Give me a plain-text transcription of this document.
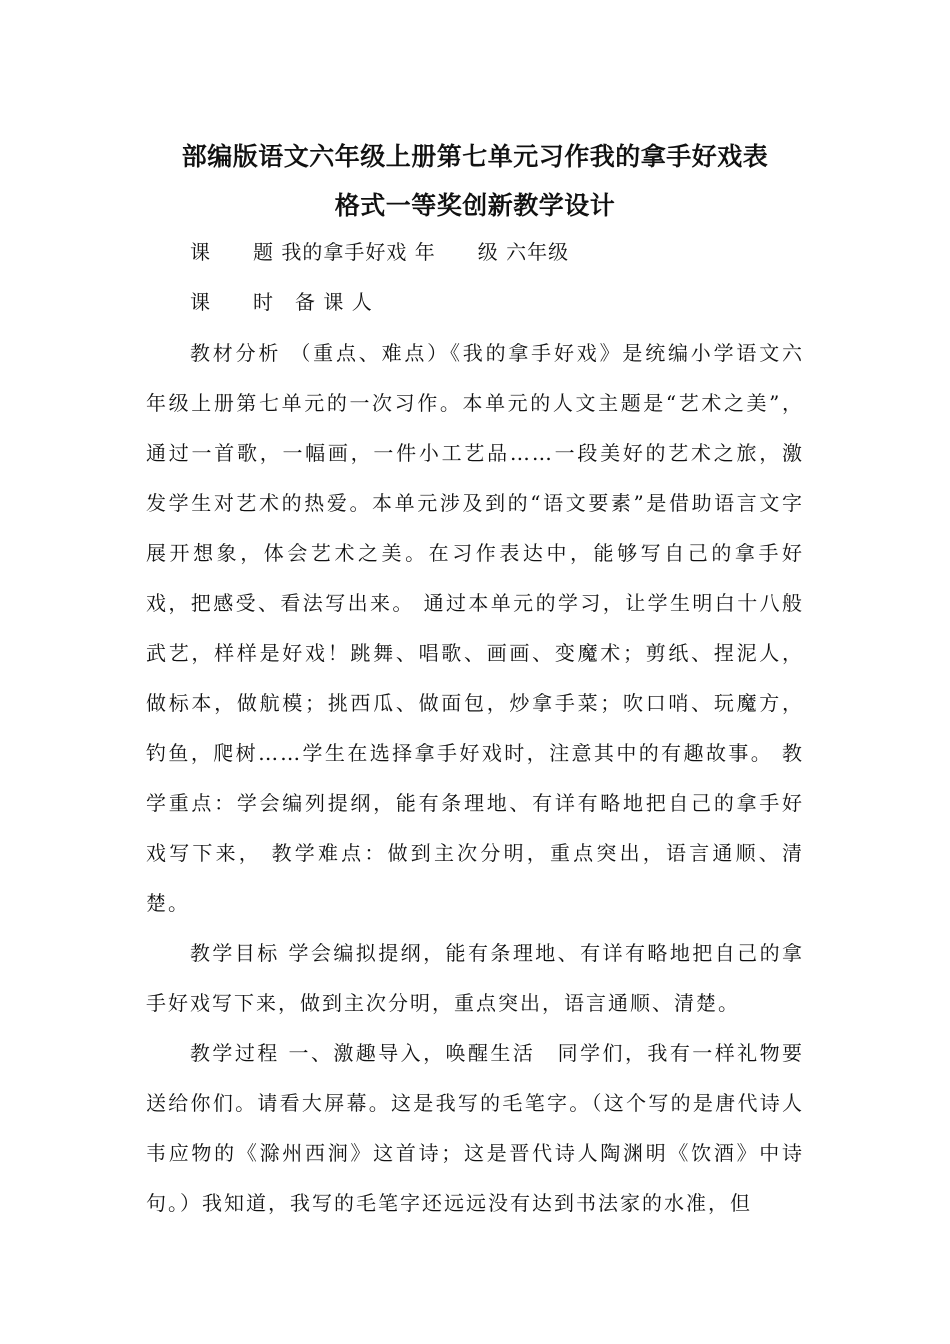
部编版语文六年级上册第七单元习作我的拿手好戏表
格式一等奖创新教学设计
课　　题 我的拿手好戏 年　　级 六年级
课　　时　备 课 人
教材分析 （重点、难点）《我的拿手好戏》是统编小学语文六年级上册第七单元的一次习作。本单元的人文主题是“艺术之美”，通过一首歌，一幅画，一件小工艺品……一段美好的艺术之旅，激发学生对艺术的热爱。本单元涉及到的“语文要素”是借助语言文字展开想象，体会艺术之美。在习作表达中，能够写自己的拿手好戏，把感受、看法写出来。 通过本单元的学习，让学生明白十八般武艺，样样是好戏！跳舞、唱歌、画画、变魔术；剪纸、捏泥人，做标本，做航模；挑西瓜、做面包，炒拿手菜；吹口哨、玩魔方，钓鱼，爬树……学生在选择拿手好戏时，注意其中的有趣故事。 教学重点：学会编列提纲，能有条理地、有详有略地把自己的拿手好戏写下来， 教学难点：做到主次分明，重点突出，语言通顺、清楚。
教学目标 学会编拟提纲，能有条理地、有详有略地把自己的拿手好戏写下来，做到主次分明，重点突出，语言通顺、清楚。
教学过程 一、激趣导入，唤醒生活　同学们，我有一样礼物要送给你们。请看大屏幕。这是我写的毛笔字。（这个写的是唐代诗人韦应物的《滁州西涧》这首诗；这是晋代诗人陶渊明《饮酒》中诗句。）我知道，我写的毛笔字还远远没有达到书法家的水准，但
